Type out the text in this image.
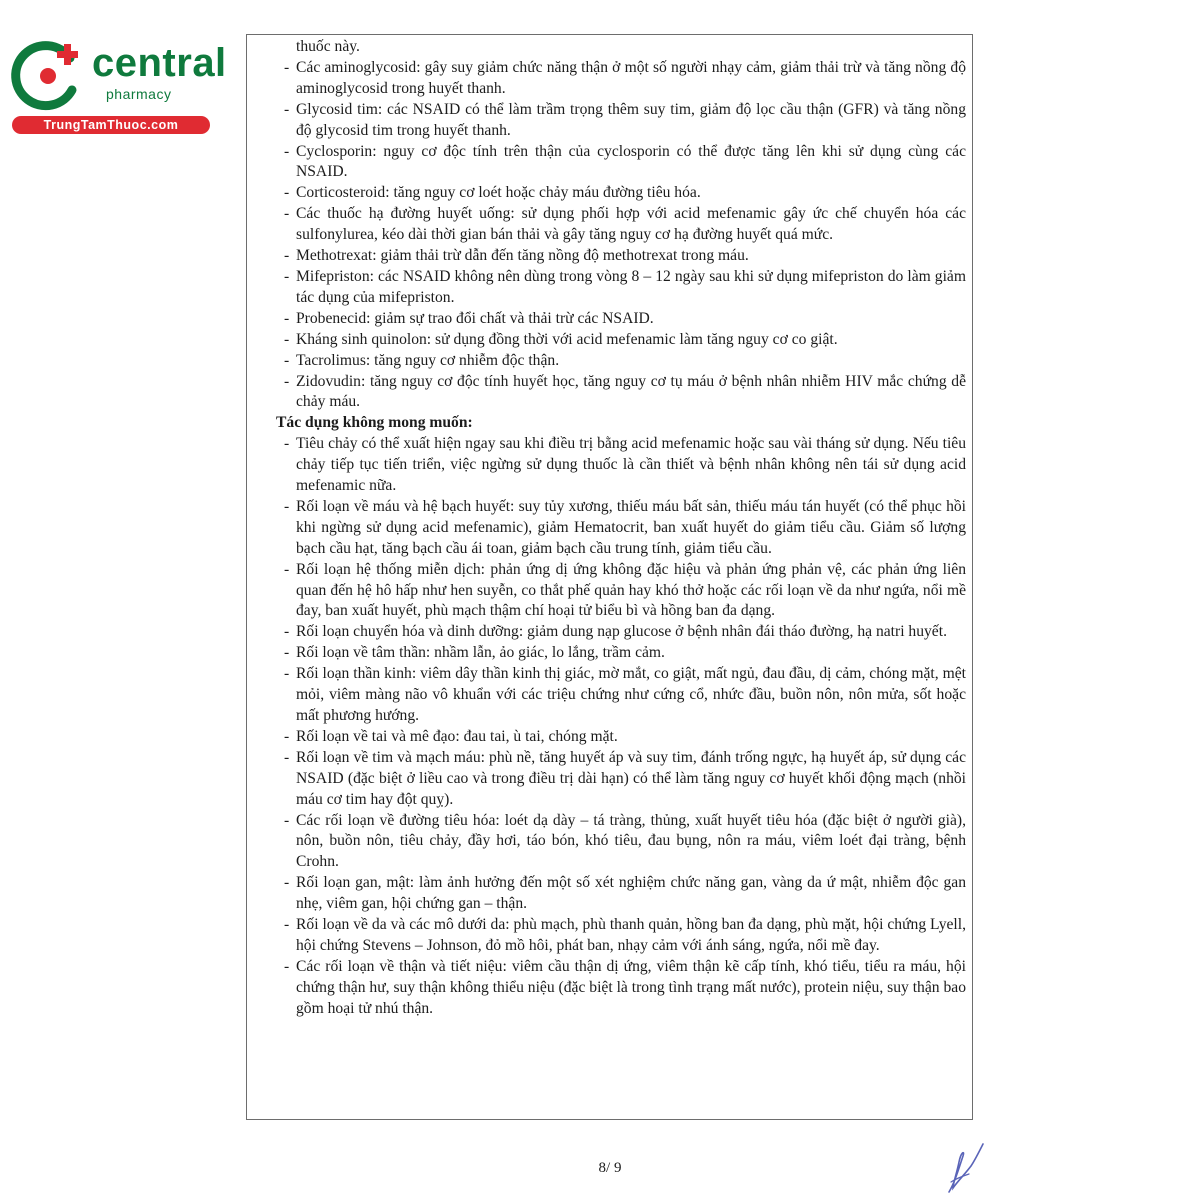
central
pharmacy
TrungTamThuoc.com
thuốc này.
- Các aminoglycosid: gây suy giảm chức năng thận ở một số người nhạy cảm, giảm thải trừ và tăng nồng độ aminoglycosid trong huyết thanh.
- Glycosid tim: các NSAID có thể làm trầm trọng thêm suy tim, giảm độ lọc cầu thận (GFR) và tăng nồng độ glycosid tim trong huyết thanh.
- Cyclosporin: nguy cơ độc tính trên thận của cyclosporin có thể được tăng lên khi sử dụng cùng các NSAID.
- Corticosteroid: tăng nguy cơ loét hoặc chảy máu đường tiêu hóa.
- Các thuốc hạ đường huyết uống: sử dụng phối hợp với acid mefenamic gây ức chế chuyển hóa các sulfonylurea, kéo dài thời gian bán thải và gây tăng nguy cơ hạ đường huyết quá mức.
- Methotrexat: giảm thải trừ dẫn đến tăng nồng độ methotrexat trong máu.
- Mifepriston: các NSAID không nên dùng trong vòng 8 – 12 ngày sau khi sử dụng mifepriston do làm giảm tác dụng của mifepriston.
- Probenecid: giảm sự trao đổi chất và thải trừ các NSAID.
- Kháng sinh quinolon: sử dụng đồng thời với acid mefenamic làm tăng nguy cơ co giật.
- Tacrolimus: tăng nguy cơ nhiễm độc thận.
- Zidovudin: tăng nguy cơ độc tính huyết học, tăng nguy cơ tụ máu ở bệnh nhân nhiễm HIV mắc chứng dễ chảy máu.
Tác dụng không mong muốn:
- Tiêu chảy có thể xuất hiện ngay sau khi điều trị bằng acid mefenamic hoặc sau vài tháng sử dụng. Nếu tiêu chảy tiếp tục tiến triển, việc ngừng sử dụng thuốc là cần thiết và bệnh nhân không nên tái sử dụng acid mefenamic nữa.
- Rối loạn về máu và hệ bạch huyết: suy tủy xương, thiếu máu bất sản, thiếu máu tán huyết (có thể phục hồi khi ngừng sử dụng acid mefenamic), giảm Hematocrit, ban xuất huyết do giảm tiểu cầu. Giảm số lượng bạch cầu hạt, tăng bạch cầu ái toan, giảm bạch cầu trung tính, giảm tiểu cầu.
- Rối loạn hệ thống miễn dịch: phản ứng dị ứng không đặc hiệu và phản ứng phản vệ, các phản ứng liên quan đến hệ hô hấp như hen suyễn, co thắt phế quản hay khó thở hoặc các rối loạn về da như ngứa, nổi mề đay, ban xuất huyết, phù mạch thậm chí hoại tử biểu bì và hồng ban đa dạng.
- Rối loạn chuyển hóa và dinh dưỡng: giảm dung nạp glucose ở bệnh nhân đái tháo đường, hạ natri huyết.
- Rối loạn về tâm thần: nhầm lẫn, ảo giác, lo lắng, trầm cảm.
- Rối loạn thần kinh: viêm dây thần kinh thị giác, mờ mắt, co giật, mất ngủ, đau đầu, dị cảm, chóng mặt, mệt mỏi, viêm màng não vô khuẩn với các triệu chứng như cứng cổ, nhức đầu, buồn nôn, nôn mửa, sốt hoặc mất phương hướng.
- Rối loạn về tai và mê đạo: đau tai, ù tai, chóng mặt.
- Rối loạn về tim và mạch máu: phù nề, tăng huyết áp và suy tim, đánh trống ngực, hạ huyết áp, sử dụng các NSAID (đặc biệt ở liều cao và trong điều trị dài hạn) có thể làm tăng nguy cơ huyết khối động mạch (nhồi máu cơ tim hay đột quỵ).
- Các rối loạn về đường tiêu hóa: loét dạ dày – tá tràng, thủng, xuất huyết tiêu hóa (đặc biệt ở người già), nôn, buồn nôn, tiêu chảy, đầy hơi, táo bón, khó tiêu, đau bụng, nôn ra máu, viêm loét đại tràng, bệnh Crohn.
- Rối loạn gan, mật: làm ảnh hưởng đến một số xét nghiệm chức năng gan, vàng da ứ mật, nhiễm độc gan nhẹ, viêm gan, hội chứng gan – thận.
- Rối loạn về da và các mô dưới da: phù mạch, phù thanh quản, hồng ban đa dạng, phù mặt, hội chứng Lyell, hội chứng Stevens – Johnson, đỏ mồ hôi, phát ban, nhạy cảm với ánh sáng, ngứa, nổi mề đay.
- Các rối loạn về thận và tiết niệu: viêm cầu thận dị ứng, viêm thận kẽ cấp tính, khó tiểu, tiểu ra máu, hội chứng thận hư, suy thận không thiểu niệu (đặc biệt là trong tình trạng mất nước), protein niệu, suy thận bao gồm hoại tử nhú thận.
8/ 9
